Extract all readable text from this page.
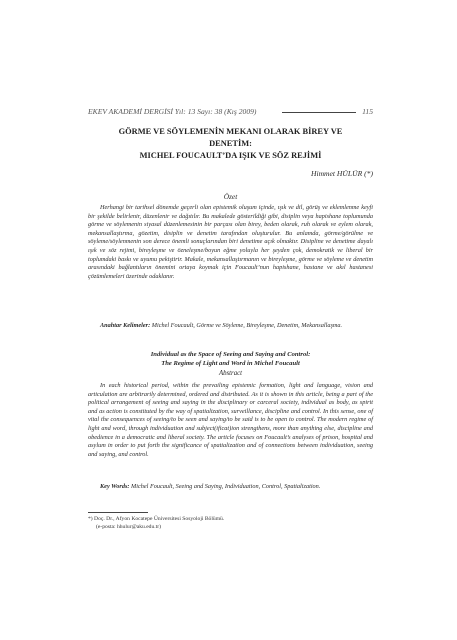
EKEV AKADEMİ DERGİSİ Yıl: 13 Sayı: 38 (Kış 2009)	115
GÖRME VE SÖYLEMENİN MEKANI OLARAK BİREY VE
DENETİM:
MICHEL FOUCAULT’DA IŞIK VE SÖZ REJİMİ
Himmet HÜLÜR (*)
Özet

Herhangi bir tarihsel dönemde geçerli olan epistemik oluşum içinde, ışık ve dil, görüş ve eklemlenme keyfi bir şekilde belirlenir, düzenlenir ve dağıtılır. Bu makalede gösterildiği gibi, disiplin veya hapishane toplumunda görme ve söylemenin siyasal düzenlemesinin bir parçası olan birey, beden olarak, ruh olarak ve eylem olarak, mekansallaştırma, gözetim, disiplin ve denetim tarafından oluşturulur. Bu anlamda, görme/görülme ve söyleme/söylenmenin son derece önemli sonuçlarından biri denetime açık olmaktır. Disipline ve denetime dayalı ışık ve söz rejimi, bireyleşme ve özneleşme/boyun eğme yoluyla her şeyden çok, demokratik ve liberal bir toplumdaki baskı ve uyumu pekiştirir. Makale, mekansallaştırmanın ve bireyleşme, görme ve söyleme ve denetim arasındaki bağlantıların önemini ortaya koymak için Foucault’nun hapishane, hastane ve akıl hastanesi çözümlemeleri üzerinde odaklanır.

Anahtar Kelimeler: Michel Foucault, Görme ve Söyleme, Bireyleşme, Denetim, Mekansallaşma.

Individual as the Space of Seeing and Saying and Control:
The Regime of Light and Word in Michel Foucault
Abstract

In each historical period, within the prevailing epistemic formation, light and language, vision and articulation are arbitrarily determined, ordered and distributed. As it is shown in this article, being a part of the political arrangement of seeing and saying in the disciplinary or carceral society, individual as body, as spirit and as action is constituted by the way of spatialization, surveillance, discipline and control. In this sense, one of vital the consequences of seeing/to be seen and saying/to be said is to be open to control. The modern regime of light and word, through individuation and subject(ificat)ion strengthens, more than anything else, discipline and obedience in a democratic and liberal society. The article focuses on Foucault’s analyses of prison, hospital and asylum in order to put forth the significance of spatialization and of connections between individuation, seeing and saying, and control.

Key Words: Michel Foucault, Seeing and Saying, Individuation, Control, Spatialization.

*) Doç. Dr., Afyon Kocatepe Üniversitesi Sosyoloji Bölümü.
(e-posta: hhulur@aku.edu.tr)
